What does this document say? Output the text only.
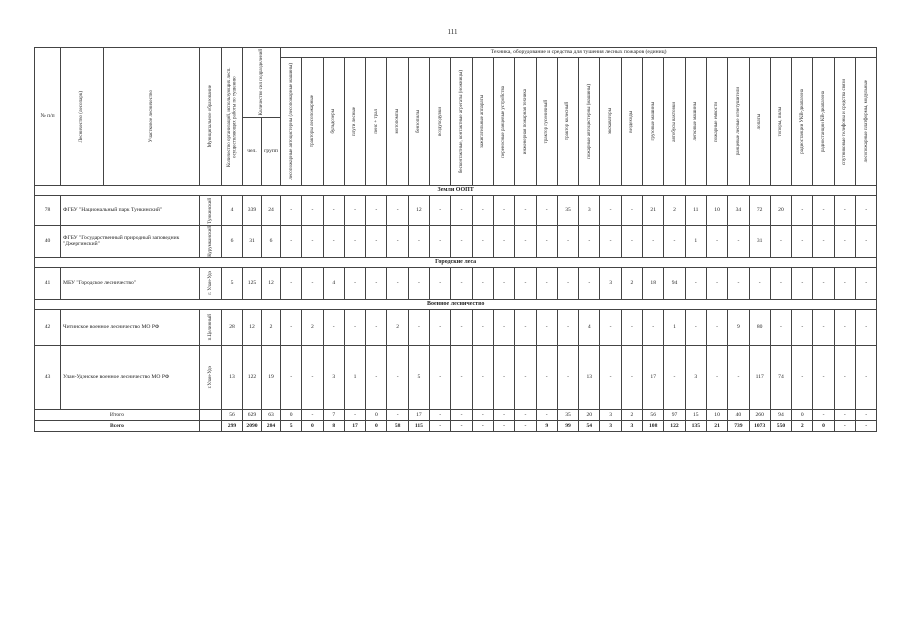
111
№ п/п	Лесничество (лесопарк)	Участковое лесничество	Муниципальное образование	Количество организаций, использующих лесп. осуществляющих работы по тушению	Количество сил подразделений		Техника, оборудование и средства для тушения лесных пожаров (единиц)																											

							лесопожарные автоцистерны (лесопожарные машины)	тракторы лесопожарные	бульдозеры	плуги лесные	пенс + трал	мотопомпы	бензопилы	воздуходувки	бесконтактные, контактные агрегаты (ножницы)	зажигательные аппараты	переносные ранцевые устройства	инженерная пожарная техника	трактор гусеничный	трактор колесный	пожарные автоцистерны (машины)	экскаваторы	вездеходы	грузовые машины	автобусы вахтовки	легковые машины	пожарные емкости	ранцевые лесные огнетушители	лопаты	топоры, пилы	радиостанции УКВ-диапазона	радиостанции КВ-диапазона	спутниковые телефоны и средства связи	лесопожарные платформы, модульные

					чел.	групп																												
Земли ООПТ																																		
78	ФГБУ "Национальный парк Тункинский"		Тункинский	4	339	24	-	-	-	-	-	-	12	-	-	-	-	-	-	35	3	-	-	21	2	11	10	34	72	20	-	-	-	-
40	ФГБУ "Государственный природный заповедник "Джергинский"		Курумканский	6	31	6	-	-	-	-	-	-	-	-	-	-	-	-	-	-	-	-	-	-	-	1	-	-	31	-	-	-	-	-
Городские леса																																		
41	МБУ "Городское лесничество"		г. Улан-Удэ	5	125	12	-	-	4	-	-	-	-	-	-	-	-	-	-	-	-	3	2	18	94	-	-	-	-	-	-	-	-	-
Военное лесничество																																		
42	Читинское военное лесничество МО РФ		п.Целинный	28	12	2	-	2	-	-	-	2	-	-	-	-	-	-	-	-	4	-	-	-	1	-	-	9	80	-	-	-	-	-
43	Улан-Удэнское военное лесничество МО РФ		г.Улан-Удэ	13	122	19	-	-	3	1	-	-	5	-	-	-	-	-	-	-	13	-	-	17	-	3	-	-	117	74	-	-	-	-
Итого				56	629	63	0	-	7	-	0	-	17	-	-	-	-	-	-	35	20	3	2	56	97	15	10	40	260	94	0	-	-	-
Всего				299	2090	284	5	0	8	17	0	58	115	-	-	-	-	-	9	99	54	3	3	108	122	135	21	739	1073	550	2	0	-	-
